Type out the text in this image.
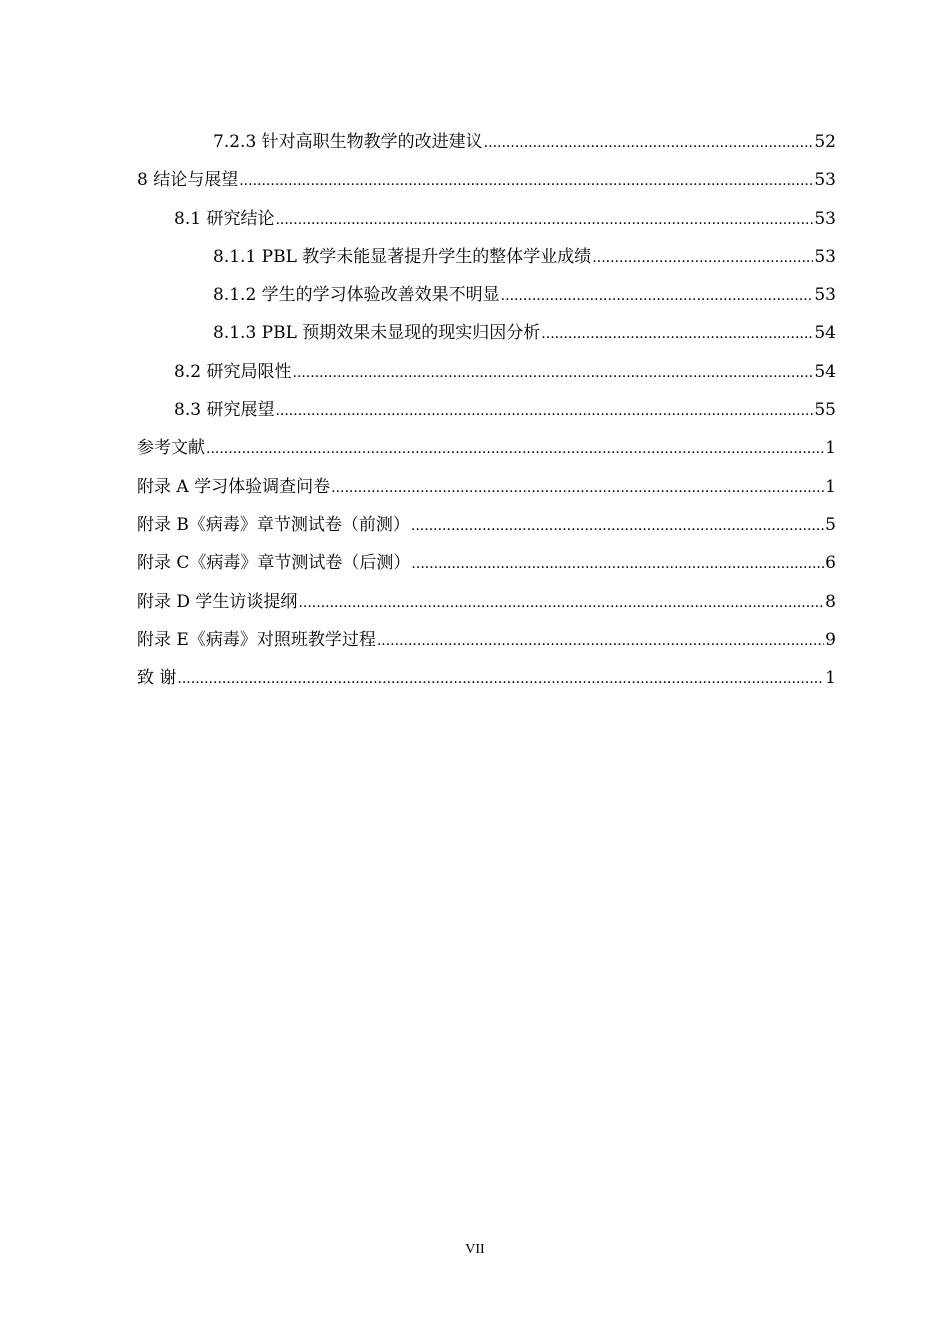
7.2.3 针对高职生物教学的改进建议 .....	52
8 结论与展望 .....	53
8.1 研究结论 .....	53
8.1.1 PBL 教学未能显著提升学生的整体学业成绩 .....	53
8.1.2 学生的学习体验改善效果不明显 .....	53
8.1.3 PBL 预期效果未显现的现实归因分析 .....	54
8.2 研究局限性 .....	54
8.3 研究展望 .....	55
参考文献 .....	1
附录 A 学习体验调查问卷 .....	1
附录 B《病毒》章节测试卷（前测） .....	5
附录 C《病毒》章节测试卷（后测） .....	6
附录 D 学生访谈提纲 .....	8
附录 E《病毒》对照班教学过程 .....	9
致 谢 .....	1
VII
